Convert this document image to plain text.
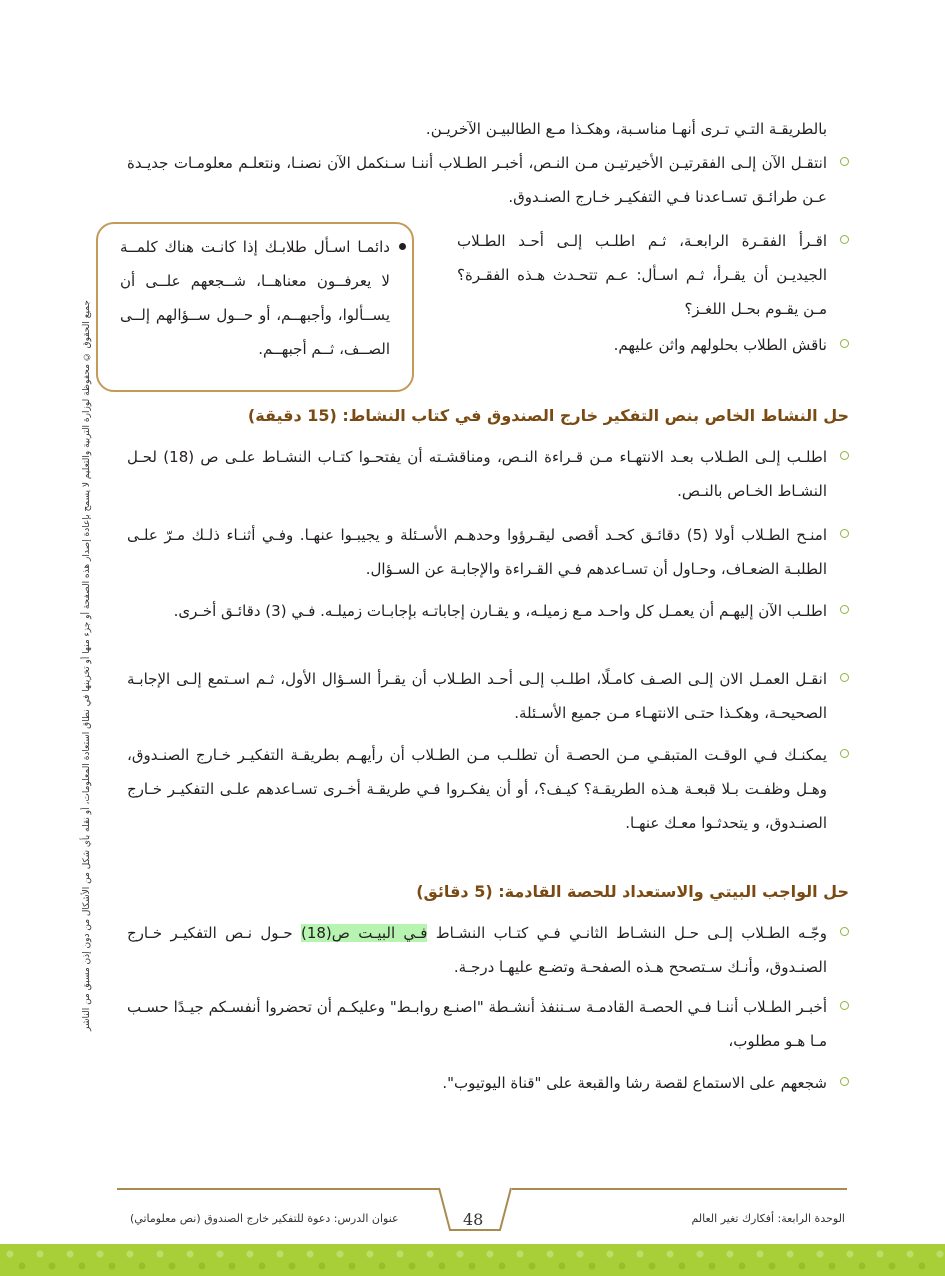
جميع الحقوق © محفوظة لوزارة التربية والتعليم لا يسمح بإعادة إصدار هذه الصفحة أو جزء منها أو تخزينها في نطاق استعادة المعلومات، أو نقله بأي شكل من الأشكال من دون إذن مسبق من الناشر
بالطريقـة التـي تـرى أنهـا مناسـبة، وهكـذا مـع الطالبيـن الآخريـن.
انتقـل الآن إلـى الفقرتيـن الأخيرتيـن مـن النـص، أخبـر الطـلاب أننـا سـنكمل الآن نصنـا، ونتعلـم معلومـات جديـدة عـن طرائـق تسـاعدنا فـي التفكيـر خـارج الصنـدوق.
اقـرأ الفقـرة الرابعـة، ثـم اطلـب إلـى أحـد الطـلاب الجيديـن أن يقـرأ، ثـم اسـأل: عـم تتحـدث هـذه الفقـرة؟ مـن يقـوم بحـل اللغـز؟
ناقش الطلاب بحلولهم واثن عليهم.
دائمـا اسـأل طلابـك إذا كانـت هناك كلمــة لا يعرفــون معناهــا، شــجعهم علــى أن يســألوا، وأجبهــم، أو حــول ســؤالهم إلــى الصــف، ثــم أجبهــم.
حل النشاط الخاص بنص التفكير خارج الصندوق في كتاب النشاط: (15 دقيقة)
اطلـب إلـى الطـلاب بعـد الانتهـاء مـن قـراءة النـص، ومناقشـته أن يفتحـوا كتـاب النشـاط علـى ص (18) لحـل النشـاط الخـاص بالنـص.
امنـح الطـلاب أولا (5) دقائـق كحـد أقصى ليقـرؤوا وحدهـم الأسـئلة و يجيبـوا عنهـا. وفـي أثنـاء ذلـك مـرّ علـى الطلبـة الضعـاف، وحـاول أن تسـاعدهم فـي القـراءة والإجابـة عن السـؤال.
اطلـب الآن إليهـم أن يعمـل كل واحـد مـع زميلـه، و يقـارن إجاباتـه بإجابـات زميلـه. فـي (3) دقائـق أخـرى.
انقـل العمـل الان إلـى الصـف كامـلًا، اطلـب إلـى أحـد الطـلاب أن يقـرأ السـؤال الأول، ثـم اسـتمع إلـى الإجابـة الصحيحـة، وهكـذا حتـى الانتهـاء مـن جميع الأسـئلة.
يمكنـك فـي الوقـت المتبقـي مـن الحصـة أن تطلـب مـن الطـلاب أن رأيهـم بطريقـة التفكيـر خـارج الصنـدوق، وهـل وظفـت بـلا قبعـة هـذه الطريقـة؟ كيـف؟، أو أن يفكـروا فـي طريقـة أخـرى تسـاعدهم علـى التفكيـر خـارج الصنـدوق، و يتحدثـوا معـك عنهـا.
حل الواجب البيتي والاستعداد للحصة القادمة: (5 دقائق)
وجّـه الطـلاب إلـى حـل النشـاط الثانـي فـي كتـاب النشـاط فـي البيـت ص(18) حـول نـص التفكيـر خـارج الصنـدوق، وأنـك سـتصحح هـذه الصفحـة وتضـع عليهـا درجـة.
أخبـر الطـلاب أننـا فـي الحصـة القادمـة سـننفذ أنشـطة "اصنـع روابـط" وعليكـم أن تحضروا أنفسـكم جيـدًا حسـب مـا هـو مطلوب،
شجعهم على الاستماع لقصة رشا والقبعة على "قناة اليوتيوب".
48	الوحدة الرابعة: أفكارك تغير العالم
عنوان الدرس: دعوة للتفكير خارج الصندوق (نص معلوماتي)
